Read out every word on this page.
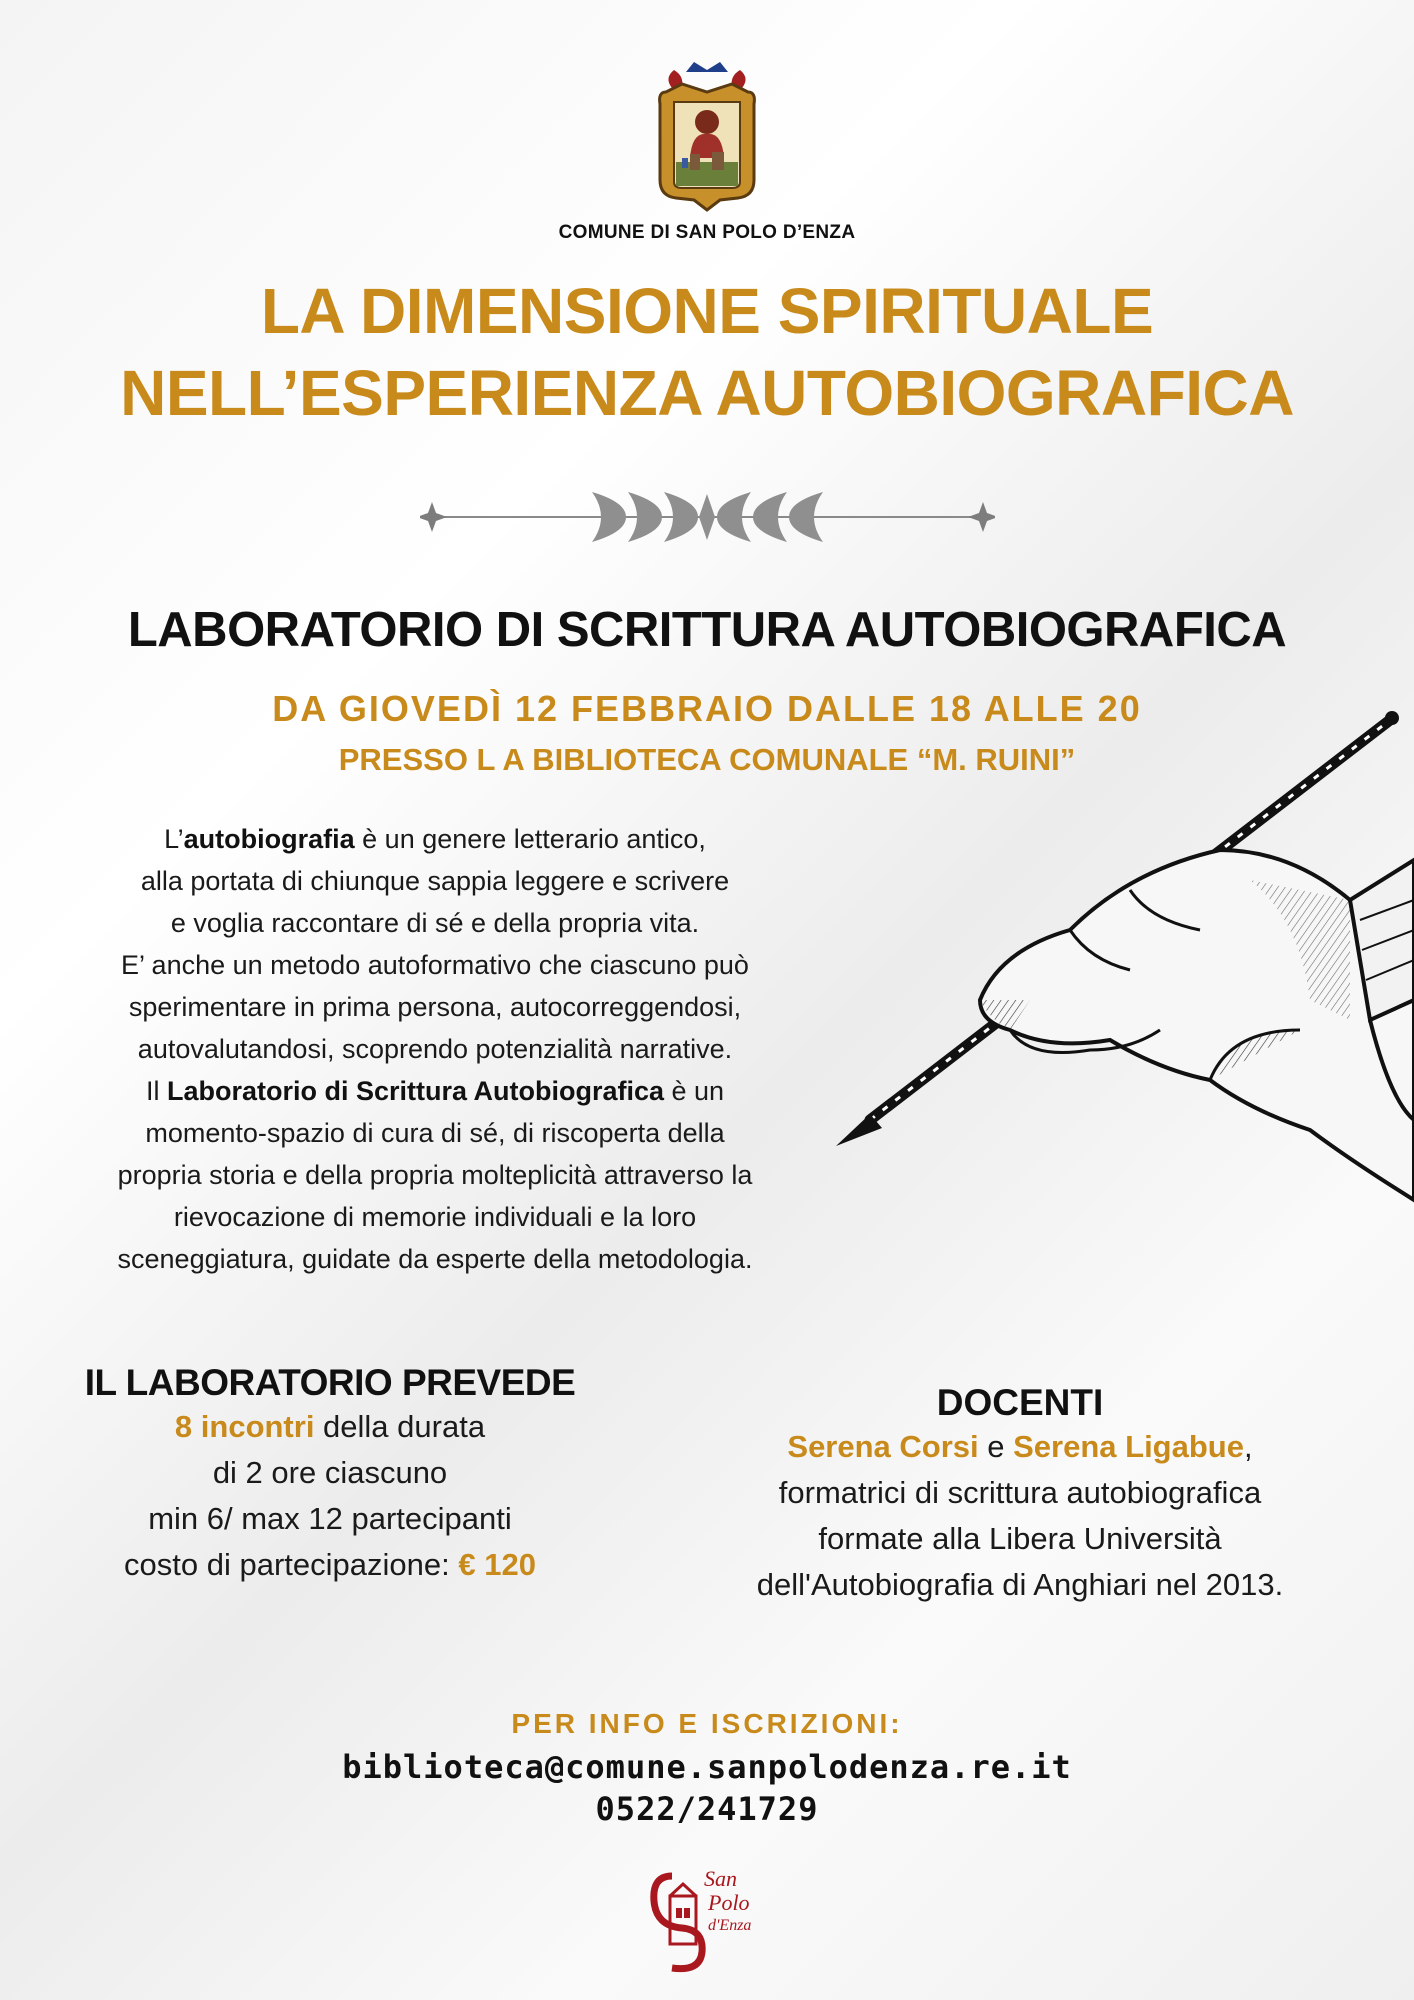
COMUNE DI SAN POLO D’ENZA
LA DIMENSIONE SPIRITUALE
NELL’ESPERIENZA AUTOBIOGRAFICA
LABORATORIO DI SCRITTURA AUTOBIOGRAFICA
DA GIOVEDÌ 12 FEBBRAIO DALLE 18 ALLE 20
PRESSO L A BIBLIOTECA COMUNALE “M. RUINI”
L’autobiografia è un genere letterario antico,
alla portata di chiunque sappia leggere e scrivere
e voglia raccontare di sé e della propria vita.
E’ anche un metodo autoformativo che ciascuno può
sperimentare in prima persona, autocorreggendosi,
autovalutandosi, scoprendo potenzialità narrative.
Il Laboratorio di Scrittura Autobiografica è un
momento-spazio di cura di sé, di riscoperta della
propria storia e della propria molteplicità attraverso la
rievocazione di memorie individuali e la loro
sceneggiatura, guidate da esperte della metodologia.
IL LABORATORIO PREVEDE
8 incontri della durata
di 2 ore ciascuno
min 6/ max 12 partecipanti
costo di partecipazione: € 120
DOCENTI
Serena Corsi e Serena Ligabue,
formatrici di scrittura autobiografica
formate alla Libera Università
dell'Autobiografia di Anghiari nel 2013.
PER INFO E ISCRIZIONI:
biblioteca@comune.sanpolodenza.re.it
0522/241729
San
Polo
d'Enza
